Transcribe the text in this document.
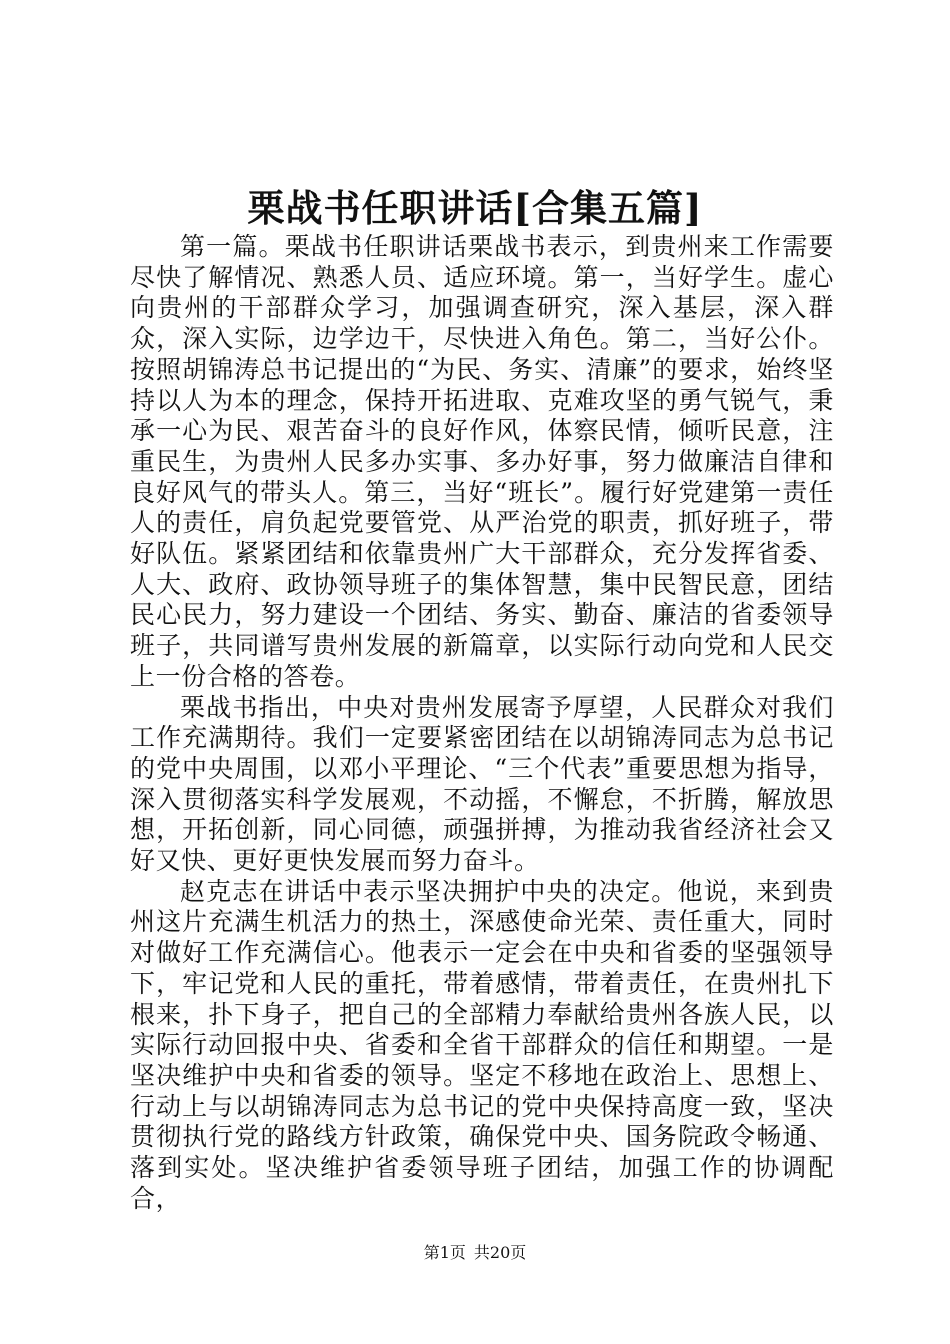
栗战书任职讲话[合集五篇]

第一篇。栗战书任职讲话栗战书表示，到贵州来工作需要尽快了解情况、熟悉人员、适应环境。第一，当好学生。虚心向贵州的干部群众学习，加强调查研究，深入基层，深入群众，深入实际，边学边干，尽快进入角色。第二，当好公仆。按照胡锦涛总书记提出的“为民、务实、清廉”的要求，始终坚持以人为本的理念，保持开拓进取、克难攻坚的勇气锐气，秉承一心为民、艰苦奋斗的良好作风，体察民情，倾听民意，注重民生，为贵州人民多办实事、多办好事，努力做廉洁自律和良好风气的带头人。第三，当好“班长”。履行好党建第一责任人的责任，肩负起党要管党、从严治党的职责，抓好班子，带好队伍。紧紧团结和依靠贵州广大干部群众，充分发挥省委、人大、政府、政协领导班子的集体智慧，集中民智民意，团结民心民力，努力建设一个团结、务实、勤奋、廉洁的省委领导班子，共同谱写贵州发展的新篇章，以实际行动向党和人民交上一份合格的答卷。

栗战书指出，中央对贵州发展寄予厚望，人民群众对我们工作充满期待。我们一定要紧密团结在以胡锦涛同志为总书记的党中央周围，以邓小平理论、“三个代表”重要思想为指导，深入贯彻落实科学发展观，不动摇，不懈怠，不折腾，解放思想，开拓创新，同心同德，顽强拼搏，为推动我省经济社会又好又快、更好更快发展而努力奋斗。

赵克志在讲话中表示坚决拥护中央的决定。他说，来到贵州这片充满生机活力的热土，深感使命光荣、责任重大，同时对做好工作充满信心。他表示一定会在中央和省委的坚强领导下，牢记党和人民的重托，带着感情，带着责任，在贵州扎下根来，扑下身子，把自己的全部精力奉献给贵州各族人民，以实际行动回报中央、省委和全省干部群众的信任和期望。一是坚决维护中央和省委的领导。坚定不移地在政治上、思想上、行动上与以胡锦涛同志为总书记的党中央保持高度一致，坚决贯彻执行党的路线方针政策，确保党中央、国务院政令畅通、落到实处。坚决维护省委领导班子团结，加强工作的协调配合，

第1页 共20页
